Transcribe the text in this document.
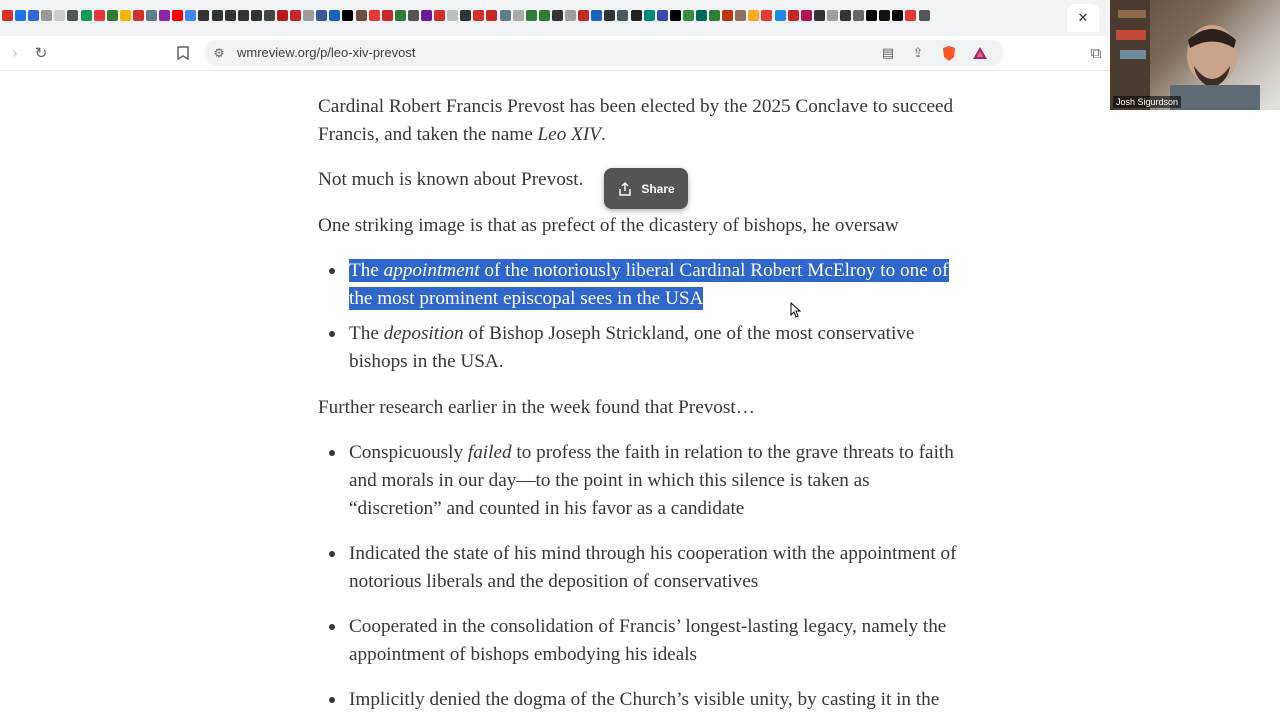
✕
›	↻	⚙ wmreview.org/p/leo-xiv-prevost	▤	⇪	⧉
Josh Sigurdson

Cardinal Robert Francis Prevost has been elected by the 2025 Conclave to succeed Francis, and taken the name Leo XIV.

Not much is known about Prevost.

One striking image is that as prefect of the dicastery of bishops, he oversaw

The appointment of the notoriously liberal Cardinal Robert McElroy to one of the most prominent episcopal sees in the USA
The deposition of Bishop Joseph Strickland, one of the most conservative bishops in the USA.

Further research earlier in the week found that Prevost…

Conspicuously failed to profess the faith in relation to the grave threats to faith and morals in our day—to the point in which this silence is taken as “discretion” and counted in his favor as a candidate
Indicated the state of his mind through his cooperation with the appointment of notorious liberals and the deposition of conservatives
Cooperated in the consolidation of Francis’ longest-lasting legacy, namely the appointment of bishops embodying his ideals
Implicitly denied the dogma of the Church’s visible unity, by casting it in the
Share
